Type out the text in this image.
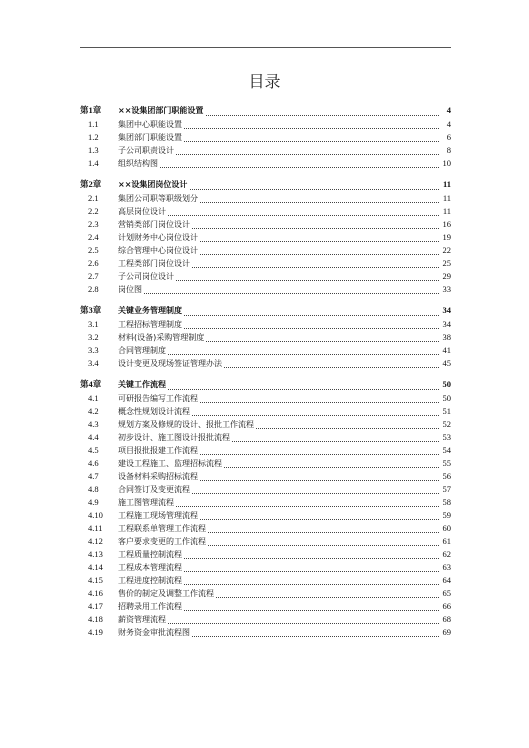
目录
第1章 ××设集团部门职能设置	4
1.1 集团中心职能设置	4
1.2 集团部门职能设置	6
1.3 子公司职责设计	8
1.4 组织结构图	10
第2章 ××设集团岗位设计	11
2.1 集团公司职等职级划分	11
2.2 高层岗位设计	11
2.3 营销类部门岗位设计	16
2.4 计划财务中心岗位设计	19
2.5 综合管理中心岗位设计	22
2.6 工程类部门岗位设计	25
2.7 子公司岗位设计	29
2.8 岗位图	33
第3章 关键业务管理制度	34
3.1 工程招标管理制度	34
3.2 材料(设备)采购管理制度	38
3.3 合同管理制度	41
3.4 设计变更及现场签证管理办法	45
第4章 关键工作流程	50
4.1 可研报告编写工作流程	50
4.2 概念性规划设计流程	51
4.3 规划方案及修规的设计、报批工作流程	52
4.4 初步设计、施工图设计报批流程	53
4.5 项目报批报建工作流程	54
4.6 建设工程施工、监理招标流程	55
4.7 设备材料采购招标流程	56
4.8 合同签订及变更流程	57
4.9 施工图管理流程	58
4.10 工程施工现场管理流程	59
4.11 工程联系单管理工作流程	60
4.12 客户要求变更的工作流程	61
4.13 工程质量控制流程	62
4.14 工程成本管理流程	63
4.15 工程进度控制流程	64
4.16 售价的制定及调整工作流程	65
4.17 招聘录用工作流程	66
4.18 薪资管理流程	68
4.19 财务资金审批流程图	69
